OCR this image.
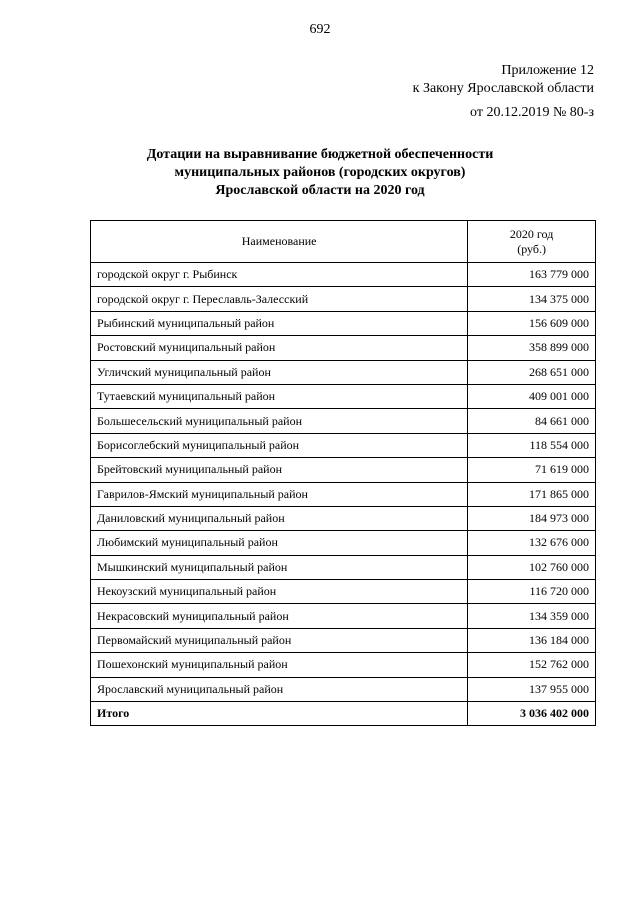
692
Приложение 12
к Закону Ярославской области
от 20.12.2019 № 80-з
Дотации на выравнивание бюджетной обеспеченности
муниципальных районов (городских округов)
Ярославской области на 2020 год
Наименование	2020 год
(руб.)

городской округ г. Рыбинск	163 779 000
городской округ г. Переславль-Залесский	134 375 000
Рыбинский муниципальный район	156 609 000
Ростовский муниципальный район	358 899 000
Угличский муниципальный район	268 651 000
Тутаевский муниципальный район	409 001 000
Большесельский муниципальный район	84 661 000
Борисоглебский муниципальный район	118 554 000
Брейтовский муниципальный район	71 619 000
Гаврилов-Ямский муниципальный район	171 865 000
Даниловский муниципальный район	184 973 000
Любимский муниципальный район	132 676 000
Мышкинский муниципальный район	102 760 000
Некоузский муниципальный район	116 720 000
Некрасовский муниципальный район	134 359 000
Первомайский муниципальный район	136 184 000
Пошехонский муниципальный район	152 762 000
Ярославский муниципальный район	137 955 000
Итого	3 036 402 000
